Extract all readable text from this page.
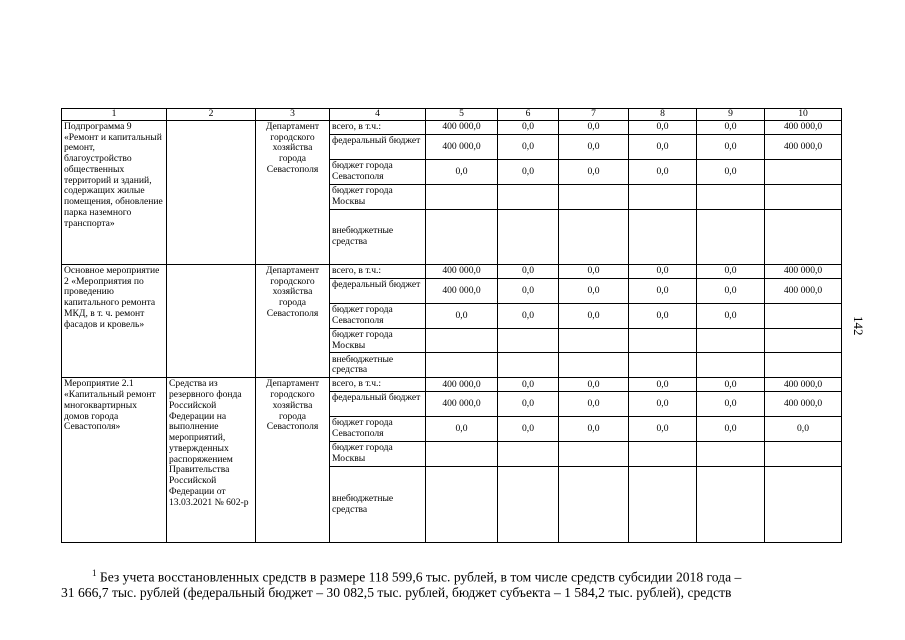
142
1	2	3	4	5	6	7	8	9	10
Подпрограмма 9 «Ремонт и капитальный ремонт, благоустройство общественных территорий и зданий, содержащих жилые помещения, обновление парка наземного транспорта»		Департамент городского хозяйства города Севастополя	всего, в т.ч.:	400 000,0	0,0	0,0	0,0	0,0	400 000,0
			федеральный бюджет	400 000,0	0,0	0,0	0,0	0,0	400 000,0
			бюджет города Севастополя	0,0	0,0	0,0	0,0	0,0	
			бюджет города Москвы						
			внебюджетные средства						
Основное мероприятие 2 «Мероприятия по проведению капитального ремонта МКД, в т. ч. ремонт фасадов и кровель»		Департамент городского хозяйства города Севастополя	всего, в т.ч.:	400 000,0	0,0	0,0	0,0	0,0	400 000,0
			федеральный бюджет	400 000,0	0,0	0,0	0,0	0,0	400 000,0
			бюджет города Севастополя	0,0	0,0	0,0	0,0	0,0	
			бюджет города Москвы						
			внебюджетные средства						
Мероприятие 2.1 «Капитальный ремонт многоквартирных домов города Севастополя»	Средства из резервного фонда Российской Федерации на выполнение мероприятий, утвержденных распоряжением Правительства Российской Федерации от 13.03.2021 № 602-р	Департамент городского хозяйства города Севастополя	всего, в т.ч.:	400 000,0	0,0	0,0	0,0	0,0	400 000,0
			федеральный бюджет	400 000,0	0,0	0,0	0,0	0,0	400 000,0
			бюджет города Севастополя	0,0	0,0	0,0	0,0	0,0	0,0
			бюджет города Москвы						
			внебюджетные средства						

$^1$ Без учета восстановленных средств в размере 118 599,6 тыс. рублей, в том числе средств субсидии 2018 года –

31 666,7 тыс. рублей (федеральный бюджет – 30 082,5 тыс. рублей, бюджет субъекта – 1 584,2 тыс. рублей), средств
